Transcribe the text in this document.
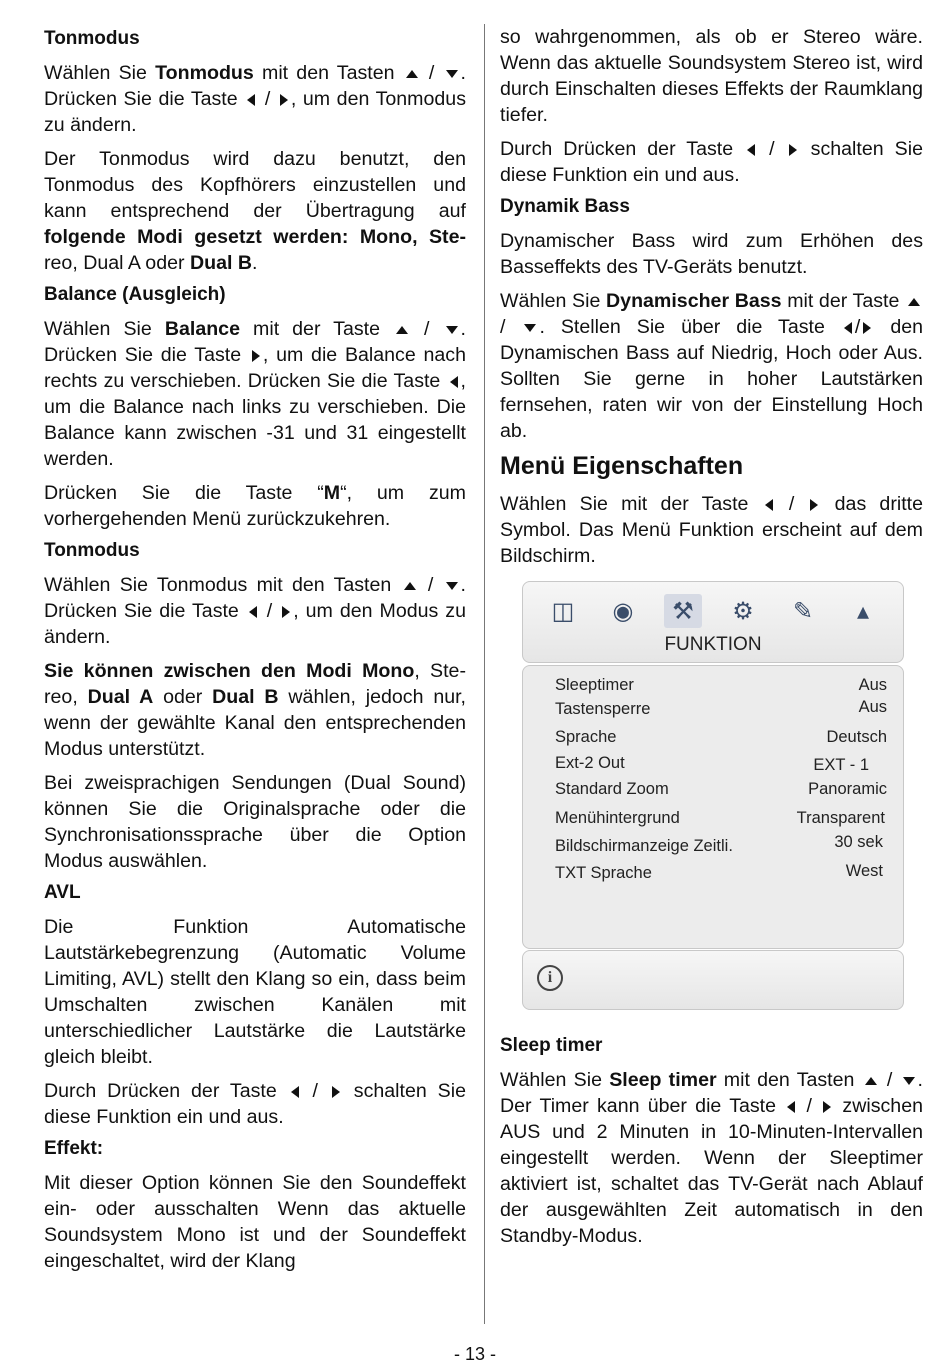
Tonmodus

Wählen Sie Tonmodus mit den Tasten  / . Drücken Sie die Taste  / , um den Tonmodus zu ändern.

Der Tonmodus wird dazu benutzt, den Tonmodus des Kopfhörers einzustellen und kann entsprechend der Übertragung auf folgende Modi gesetzt werden: Mono, Ste- reo, Dual A oder Dual B.

Balance (Ausgleich)

Wählen Sie Balance mit der Taste  / . Drücken Sie die Taste , um die Balance nach rechts zu verschieben. Drücken Sie die Taste , um die Balance nach links zu verschieben. Die Balance kann zwischen -31 und 31 eingestellt werden.

Drücken Sie die Taste “M“, um zum vorhergehenden Menü zurückzukehren.

Tonmodus

Wählen Sie Tonmodus mit den Tasten  / . Drücken Sie die Taste  / , um den Modus zu ändern.

Sie können zwischen den Modi Mono, Ste-reo, Dual A oder Dual B wählen, jedoch nur, wenn der gewählte Kanal den entsprechenden Modus unterstützt.

Bei zweisprachigen Sendungen (Dual Sound) können Sie die Originalsprache oder die Synchronisationssprache über die Option Modus auswählen.

AVL

Die Funktion Automatische Lautstärkebegrenzung (Automatic Volume Limiting, AVL) stellt den Klang so ein, dass beim Umschalten zwischen Kanälen mit unterschiedlicher Lautstärke die Lautstärke gleich bleibt.

Durch Drücken der Taste  /  schalten Sie diese Funktion ein und aus.

Effekt:

Mit dieser Option können Sie den Soundeffekt ein- oder ausschalten Wenn das aktuelle Soundsystem Mono ist und der Soundeffekt eingeschaltet, wird der Klang

so wahrgenommen, als ob er Stereo wäre. Wenn das aktuelle Soundsystem Stereo ist, wird durch Einschalten dieses Effekts der Raumklang tiefer.

Durch Drücken der Taste  /  schalten Sie diese Funktion ein und aus.

Dynamik Bass

Dynamischer Bass wird zum Erhöhen des Basseffekts des TV-Geräts benutzt.

Wählen Sie Dynamischer Bass mit der Taste  / . Stellen Sie über die Taste / den Dynamischen Bass auf Niedrig, Hoch oder Aus. Sollten Sie gerne in hoher Lautstärken fernsehen, raten wir von der Einstellung Hoch ab.

Menü Eigenschaften

Wählen Sie mit der Taste  /  das dritte Symbol. Das Menü Funktion erscheint auf dem Bildschirm.

◫	◉	⚒	⚙	✎	▴
FUNKTION
Sleeptimer	Aus
Tastensperre	Aus
Sprache	Deutsch
Ext-2 Out	EXT - 1
Standard Zoom	Panoramic
Menühintergrund	Transparent
Bildschirmanzeige Zeitli.	30 sek
TXT Sprache	West
i
Sleep timer

Wählen Sie Sleep timer mit den Tasten  / . Der Timer kann über die Taste  /  zwischen AUS und 2 Minuten in 10-Minuten-Intervallen eingestellt werden. Wenn der Sleeptimer aktiviert ist, schaltet das TV-Gerät nach Ablauf der ausgewählten Zeit automatisch in den Standby-Modus.

- 13 -
